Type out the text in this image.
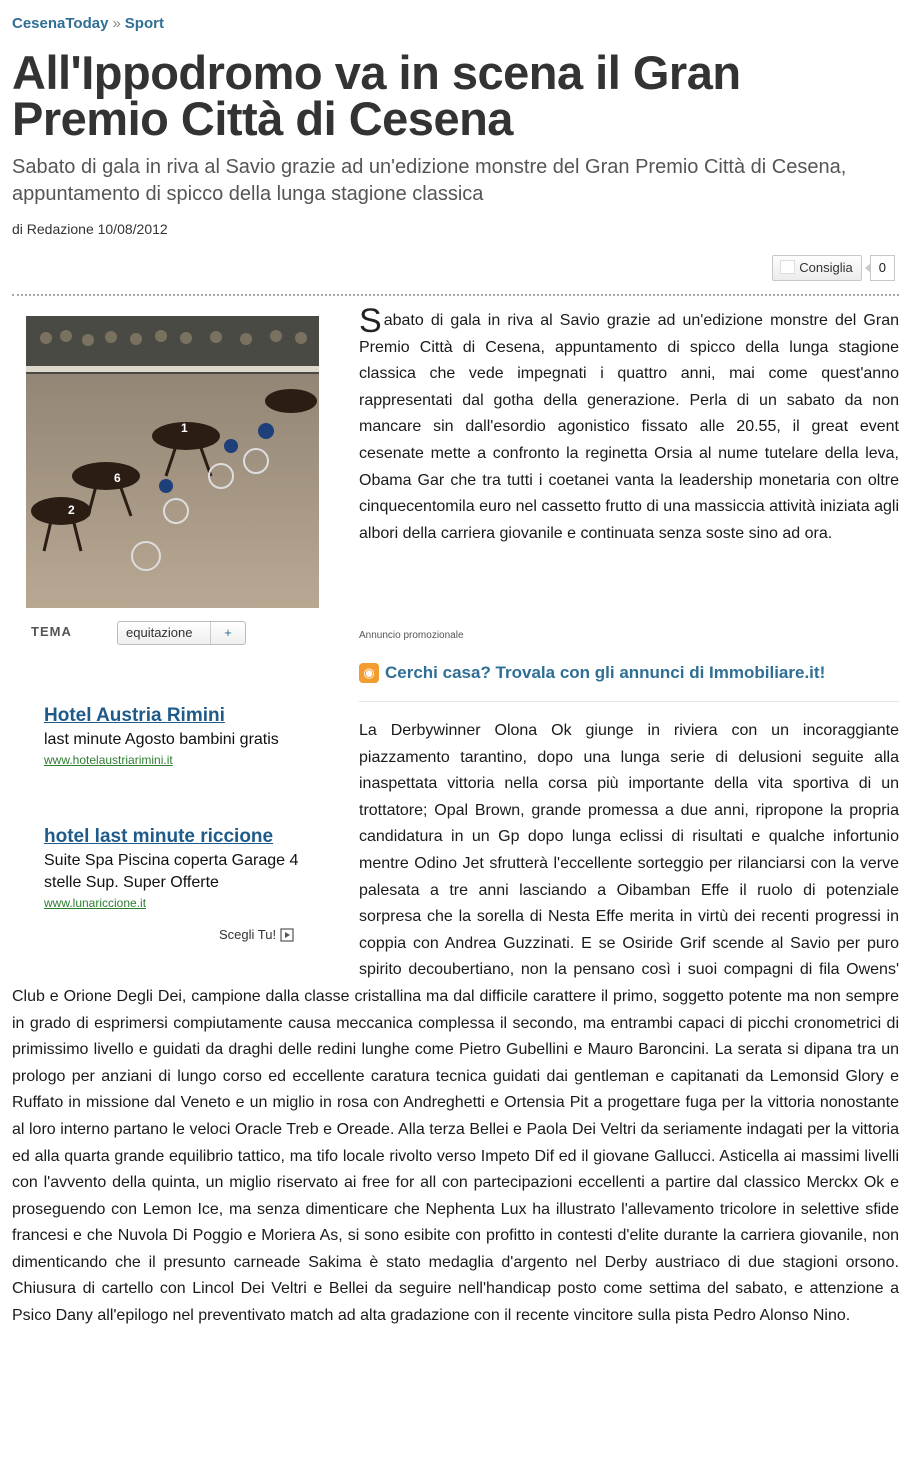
CesenaToday » Sport
All'Ippodromo va in scena il Gran Premio Città di Cesena

Sabato di gala in riva al Savio grazie ad un'edizione monstre del Gran Premio Città di Cesena, appuntamento di spicco della lunga stagione classica

di Redazione 10/08/2012
Consiglia	0
1
6
2
TEMA	equitazione	+
Hotel Austria Rimini
last minute Agosto bambini gratis
www.hotelaustriarimini.it
hotel last minute riccione
Suite Spa Piscina coperta Garage 4 stelle Sup. Super Offerte
www.lunariccione.it
Scegli Tu!

Sabato di gala in riva al Savio grazie ad un'edizione monstre del Gran Premio Città di Cesena, appuntamento di spicco della lunga stagione classica che vede impegnati i quattro anni, mai come quest'anno rappresentati dal gotha della generazione. Perla di un sabato da non mancare sin dall'esordio agonistico fissato alle 20.55, il great event cesenate mette a confronto la reginetta Orsia al nume tutelare della leva, Obama Gar che tra tutti i coetanei vanta la leadership monetaria con oltre cinquecentomila euro nel cassetto frutto di una massiccia attività iniziata agli albori della carriera giovanile e continuata senza soste sino ad ora.

Annuncio promozionale
◉ Cerchi casa? Trovala con gli annunci di Immobiliare.it!

La Derbywinner Olona Ok giunge in riviera con un incoraggiante piazzamento tarantino, dopo una lunga serie di delusioni seguite alla inaspettata vittoria nella corsa più importante della vita sportiva di un trottatore; Opal Brown, grande promessa a due anni, ripropone la propria candidatura in un Gp dopo lunga eclissi di risultati e qualche infortunio mentre Odino Jet sfrutterà l'eccellente sorteggio per rilanciarsi con la verve palesata a tre anni lasciando a Oibamban Effe il ruolo di potenziale sorpresa che la sorella di Nesta Effe merita in virtù dei recenti progressi in coppia con Andrea Guzzinati. E se Osiride Grif scende al Savio per puro spirito decoubertiano, non la pensano così i suoi compagni di fila Owens' Club e Orione Degli Dei, campione dalla classe cristallina ma dal difficile carattere il primo, soggetto potente ma non sempre in grado di esprimersi compiutamente causa meccanica complessa il secondo, ma entrambi capaci di picchi cronometrici di primissimo livello e guidati da draghi delle redini lunghe come Pietro Gubellini e Mauro Baroncini. La serata si dipana tra un prologo per anziani di lungo corso ed eccellente caratura tecnica guidati dai gentleman e capitanati da Lemonsid Glory e Ruffato in missione dal Veneto e un miglio in rosa con Andreghetti e Ortensia Pit a progettare fuga per la vittoria nonostante al loro interno partano le veloci Oracle Treb e Oreade. Alla terza Bellei e Paola Dei Veltri da seriamente indagati per la vittoria ed alla quarta grande equilibrio tattico, ma tifo locale rivolto verso Impeto Dif ed il giovane Gallucci. Asticella ai massimi livelli con l'avvento della quinta, un miglio riservato ai free for all con partecipazioni eccellenti a partire dal classico Merckx Ok e proseguendo con Lemon Ice, ma senza dimenticare che Nephenta Lux ha illustrato l'allevamento tricolore in selettive sfide francesi e che Nuvola Di Poggio e Moriera As, si sono esibite con profitto in contesti d'elite durante la carriera giovanile, non dimenticando che il presunto carneade Sakima è stato medaglia d'argento nel Derby austriaco di due stagioni orsono. Chiusura di cartello con Lincol Dei Veltri e Bellei da seguire nell'handicap posto come settima del sabato, e attenzione a Psico Dany all'epilogo nel preventivato match ad alta gradazione con il recente vincitore sulla pista Pedro Alonso Nino.
